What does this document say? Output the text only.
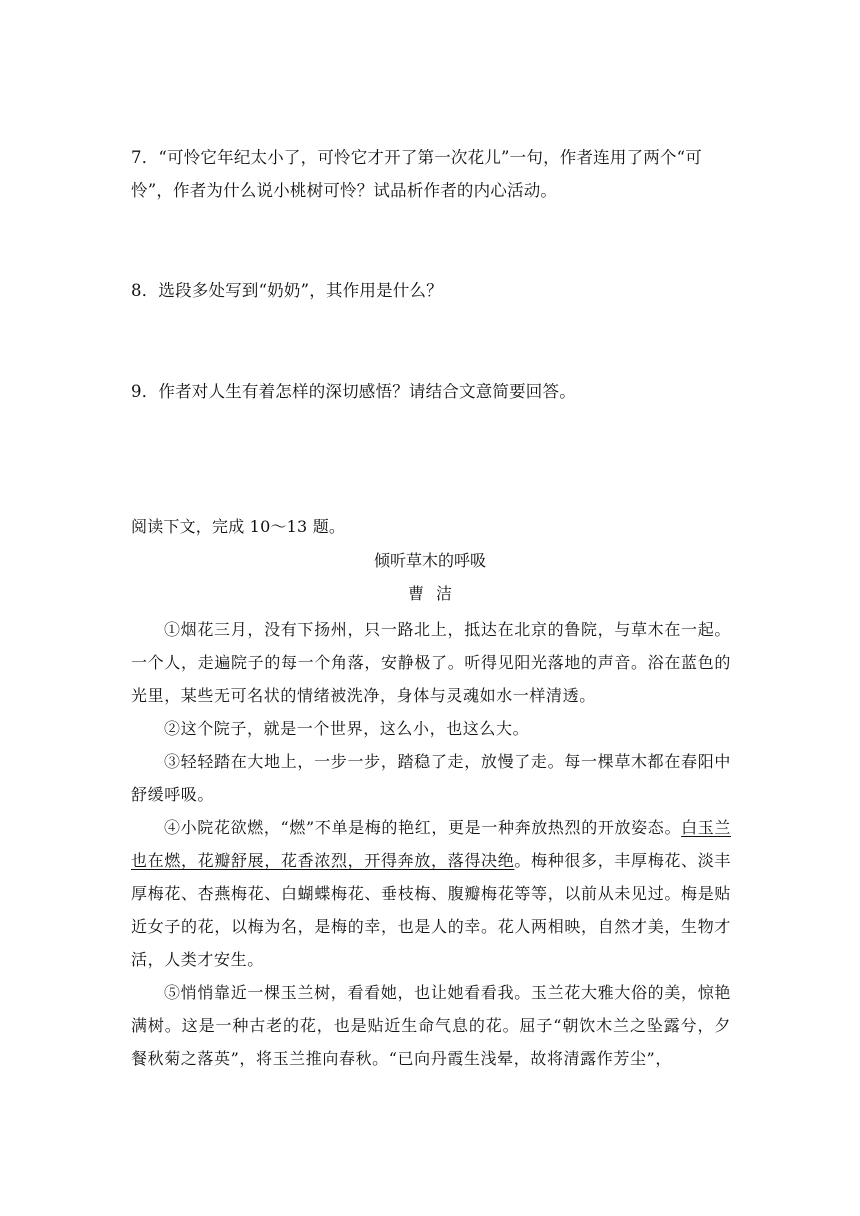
7．“可怜它年纪太小了，可怜它才开了第一次花儿”一句，作者连用了两个“可
怜”，作者为什么说小桃树可怜？试品析作者的内心活动。
8．选段多处写到“奶奶”，其作用是什么？
9．作者对人生有着怎样的深切感悟？请结合文意简要回答。
阅读下文，完成 10～13 题。
倾听草木的呼吸
曹洁
①烟花三月，没有下扬州，只一路北上，抵达在北京的鲁院，与草木在一起。一个人，走遍院子的每一个角落，安静极了。听得见阳光落地的声音。浴在蓝色的光里，某些无可名状的情绪被洗净，身体与灵魂如水一样清透。
②这个院子，就是一个世界，这么小，也这么大。
③轻轻踏在大地上，一步一步，踏稳了走，放慢了走。每一棵草木都在春阳中舒缓呼吸。
④小院花欲燃，“燃”不单是梅的艳红，更是一种奔放热烈的开放姿态。白玉兰也在燃，花瓣舒展，花香浓烈，开得奔放，落得决绝。梅种很多，丰厚梅花、淡丰厚梅花、杏燕梅花、白蝴蝶梅花、垂枝梅、腹瓣梅花等等，以前从未见过。梅是贴近女子的花，以梅为名，是梅的幸，也是人的幸。花人两相映，自然才美，生物才活，人类才安生。
⑤悄悄靠近一棵玉兰树，看看她，也让她看看我。玉兰花大雅大俗的美，惊艳满树。这是一种古老的花，也是贴近生命气息的花。屈子“朝饮木兰之坠露兮，夕餐秋菊之落英”，将玉兰推向春秋。“已向丹霞生浅晕，故将清露作芳尘”，
